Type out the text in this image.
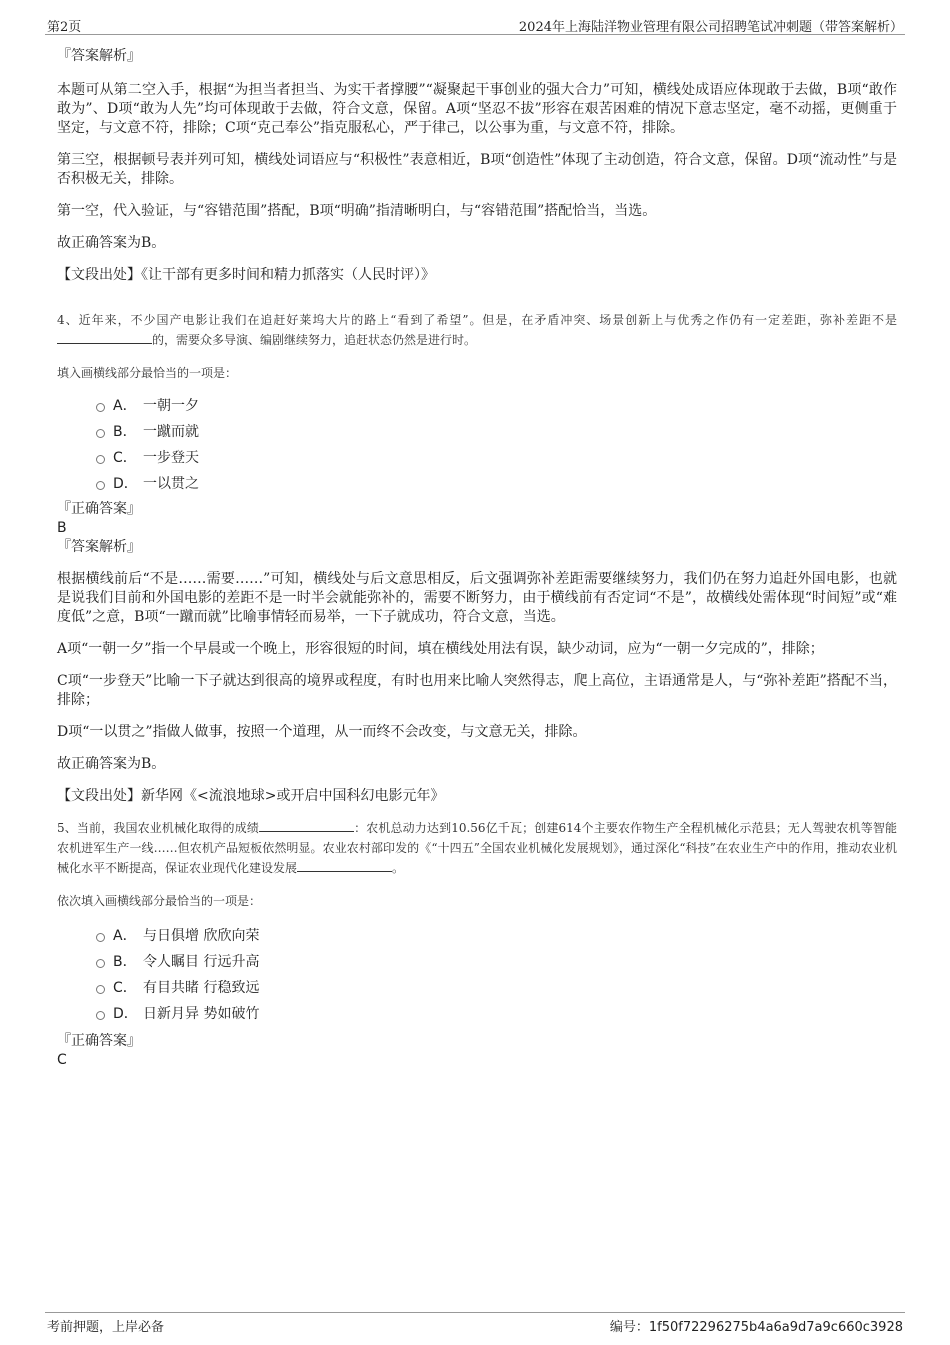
第2页	2024年上海陆洋物业管理有限公司招聘笔试冲刺题（带答案解析）
『答案解析』

本题可从第二空入手，根据“为担当者担当、为实干者撑腰”“凝聚起干事创业的强大合力”可知，横线处成语应体现敢于去做，B项“敢作敢为”、D项“敢为人先”均可体现敢于去做，符合文意，保留。A项“坚忍不拔”形容在艰苦困难的情况下意志坚定，毫不动摇，更侧重于坚定，与文意不符，排除；C项“克己奉公”指克服私心，严于律己，以公事为重，与文意不符，排除。

第三空，根据顿号表并列可知，横线处词语应与“积极性”表意相近，B项“创造性”体现了主动创造，符合文意，保留。D项“流动性”与是否积极无关，排除。

第一空，代入验证，与“容错范围”搭配，B项“明确”指清晰明白，与“容错范围”搭配恰当，当选。

故正确答案为B。

【文段出处】《让干部有更多时间和精力抓落实（人民时评）》

4、近年来，不少国产电影让我们在追赶好莱坞大片的路上“看到了希望”。但是，在矛盾冲突、场景创新上与优秀之作仍有一定差距，弥补差距不是的，需要众多导演、编剧继续努力，追赶状态仍然是进行时。

填入画横线部分最恰当的一项是：

A． 一朝一夕
B． 一蹴而就
C． 一步登天
D． 一以贯之
『正确答案』
B
『答案解析』

根据横线前后“不是……需要……”可知，横线处与后文意思相反，后文强调弥补差距需要继续努力，我们仍在努力追赶外国电影，也就是说我们目前和外国电影的差距不是一时半会就能弥补的，需要不断努力，由于横线前有否定词“不是”，故横线处需体现“时间短”或“难度低”之意，B项“一蹴而就”比喻事情轻而易举，一下子就成功，符合文意，当选。

A项“一朝一夕”指一个早晨或一个晚上，形容很短的时间，填在横线处用法有误，缺少动词，应为“一朝一夕完成的”，排除；

C项“一步登天”比喻一下子就达到很高的境界或程度，有时也用来比喻人突然得志，爬上高位，主语通常是人，与“弥补差距”搭配不当，排除；

D项“一以贯之”指做人做事，按照一个道理，从一而终不会改变，与文意无关，排除。

故正确答案为B。

【文段出处】新华网《<流浪地球>或开启中国科幻电影元年》

5、当前，我国农业机械化取得的成绩	：农机总动力达到10.56亿千瓦；创建614个主要农作物生产全程机械化示范县；无人驾驶农机等智能农机进军生产一线……但农机产品短板依然明显。农业农村部印发的《“十四五”全国农业机械化发展规划》，通过深化“科技”在农业生产中的作用，推动农业机械化水平不断提高，保证农业现代化建设发展	。

依次填入画横线部分最恰当的一项是：

A． 与日俱增 欣欣向荣
B． 令人瞩目 行远升高
C． 有目共睹 行稳致远
D． 日新月异 势如破竹
『正确答案』
C
考前押题，上岸必备	编号：1f50f72296275b4a6a9d7a9c660c3928
